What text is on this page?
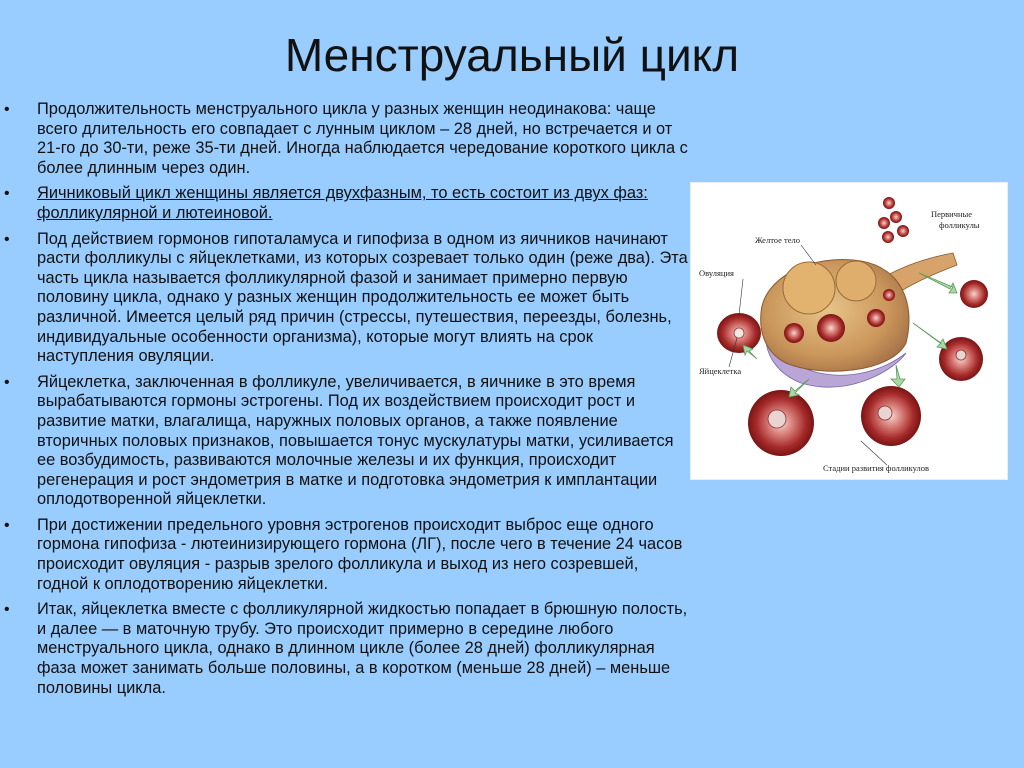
Менструальный цикл
• Продолжительность менструального цикла у разных женщин неодинакова: чаще всего длительность его совпадает с лунным циклом – 28 дней, но встречается и от 21-го до 30-ти, реже 35-ти дней. Иногда наблюдается чередование короткого цикла с более длинным через один.
• Яичниковый цикл женщины является двухфазным, то есть состоит из двух фаз: фолликулярной и лютеиновой.
• Под действием гормонов гипоталамуса и гипофиза в одном из яичников начинают расти фолликулы с яйцеклетками, из которых созревает только один (реже два). Эта часть цикла называется фолликулярной фазой и занимает примерно первую половину цикла, однако у разных женщин продолжительность ее может быть различной. Имеется целый ряд причин (стрессы, путешествия, переезды, болезнь, индивидуальные особенности организма), которые могут влиять на срок наступления овуляции.
• Яйцеклетка, заключенная в фолликуле, увеличивается, в яичнике в это время вырабатываются гормоны эстрогены. Под их воздействием происходит рост и развитие матки, влагалища, наружных половых органов, а также появление вторичных половых признаков, повышается тонус мускулатуры матки, усиливается ее возбудимость, развиваются молочные железы и их функция, происходит регенерация и рост эндометрия в матке и подготовка эндометрия к имплантации оплодотворенной яйцеклетки.
• При достижении предельного уровня эстрогенов происходит выброс еще одного гормона гипофиза - лютеинизирующего гормона (ЛГ), после чего в течение 24 часов происходит овуляция - разрыв зрелого фолликула и выход из него созревшей, годной к оплодотворению яйцеклетки.
• Итак, яйцеклетка вместе с фолликулярной жидкостью попадает в брюшную полость, и далее — в маточную трубу. Это происходит примерно в середине любого менструального цикла, однако в длинном цикле (более 28 дней) фолликулярная фаза может занимать больше половины, а в коротком (меньше 28 дней) – меньше половины цикла.
Первичные фолликулы
Желтое тело
Овуляция
Яйцеклетка
Стадии развития фолликулов
